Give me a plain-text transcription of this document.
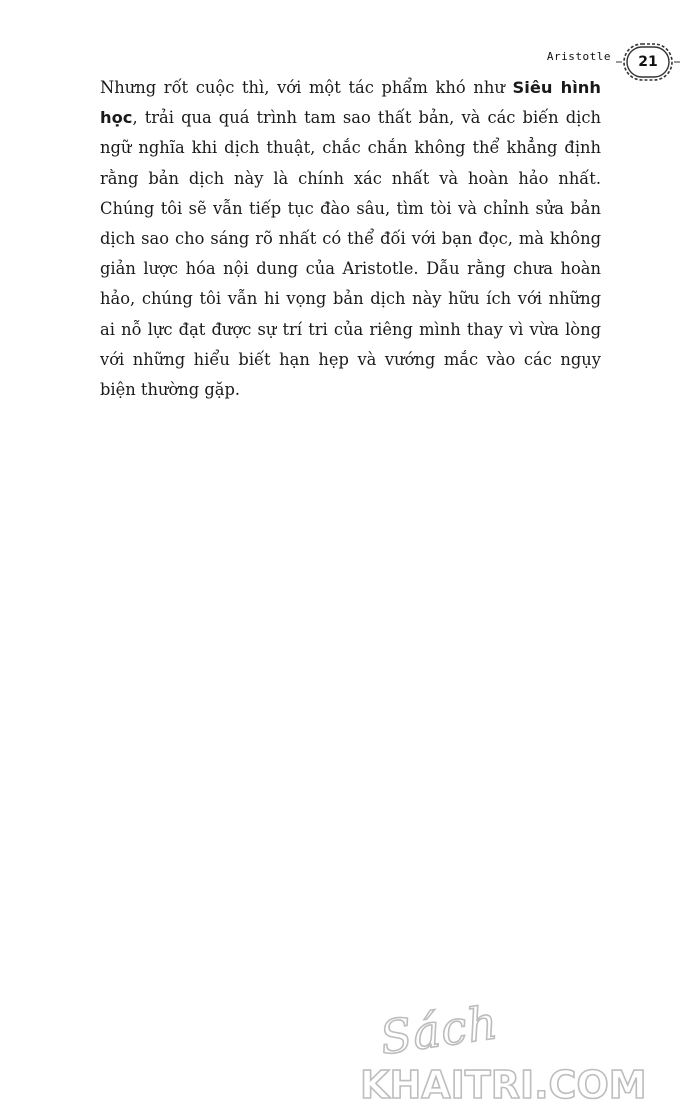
Aristotle	21

Nhưng rốt cuộc thì, với một tác phẩm khó như Siêu hình học, trải qua quá trình tam sao thất bản, và các biến dịch ngữ nghĩa khi dịch thuật, chắc chắn không thể khẳng định rằng bản dịch này là chính xác nhất và hoàn hảo nhất. Chúng tôi sẽ vẫn tiếp tục đào sâu, tìm tòi và chỉnh sửa bản dịch sao cho sáng rõ nhất có thể đối với bạn đọc, mà không giản lược hóa nội dung của Aristotle. Dẫu rằng chưa hoàn hảo, chúng tôi vẫn hi vọng bản dịch này hữu ích với những ai nỗ lực đạt được sự trí tri của riêng mình thay vì vừa lòng với những hiểu biết hạn hẹp và vướng mắc vào các ngụy biện thường gặp.

Sách
KHAITRI.COM
